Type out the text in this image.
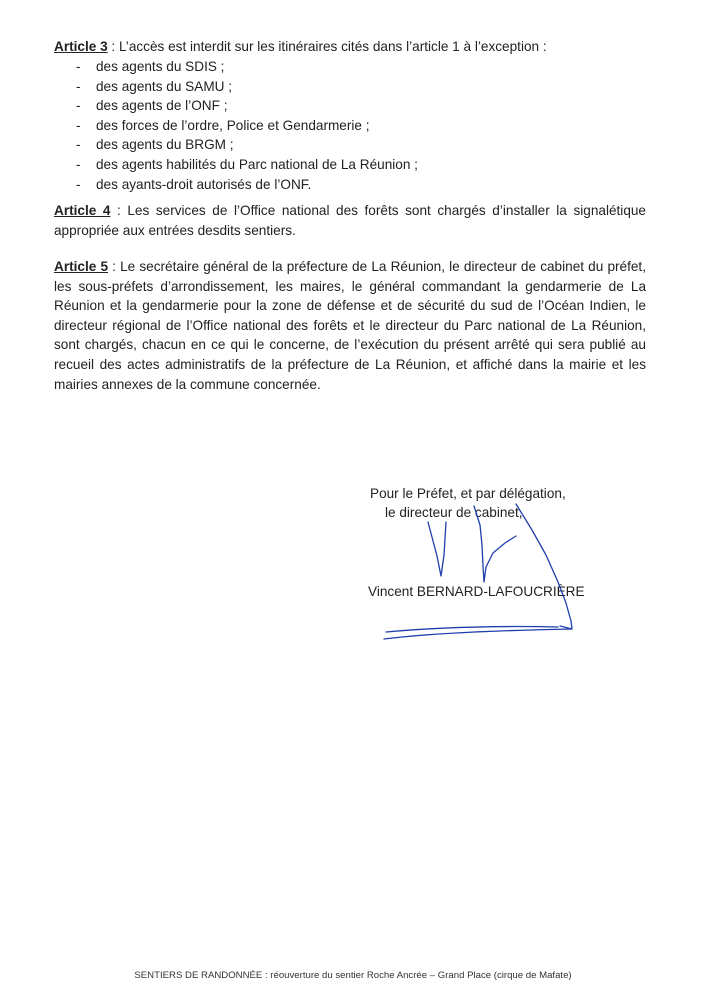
Article 3 : L’accès est interdit sur les itinéraires cités dans l’article 1 à l’exception :

- des agents du SDIS ;
- des agents du SAMU ;
- des agents de l’ONF ;
- des forces de l’ordre, Police et Gendarmerie ;
- des agents du BRGM ;
- des agents habilités du Parc national de La Réunion ;
- des ayants-droit autorisés de l’ONF.

Article 4 : Les services de l’Office national des forêts sont chargés d’installer la signalétique appropriée aux entrées desdits sentiers.

Article 5 : Le secrétaire général de la préfecture de La Réunion, le directeur de cabinet du préfet, les sous-préfets d’arrondissement, les maires, le général commandant la gendarmerie de La Réunion et la gendarmerie pour la zone de défense et de sécurité du sud de l’Océan Indien, le directeur régional de l’Office national des forêts et le directeur du Parc national de La Réunion, sont chargés, chacun en ce qui le concerne, de l’exécution du présent arrêté qui sera publié au recueil des actes administratifs de la préfecture de La Réunion, et affiché dans la mairie et les mairies annexes de la commune concernée.

Pour le Préfet, et par délégation,
le directeur de cabinet,
Vincent BERNARD-LAFOUCRIÈRE
SENTIERS DE RANDONNÉE : réouverture du sentier Roche Ancrée – Grand Place (cirque de Mafate)
